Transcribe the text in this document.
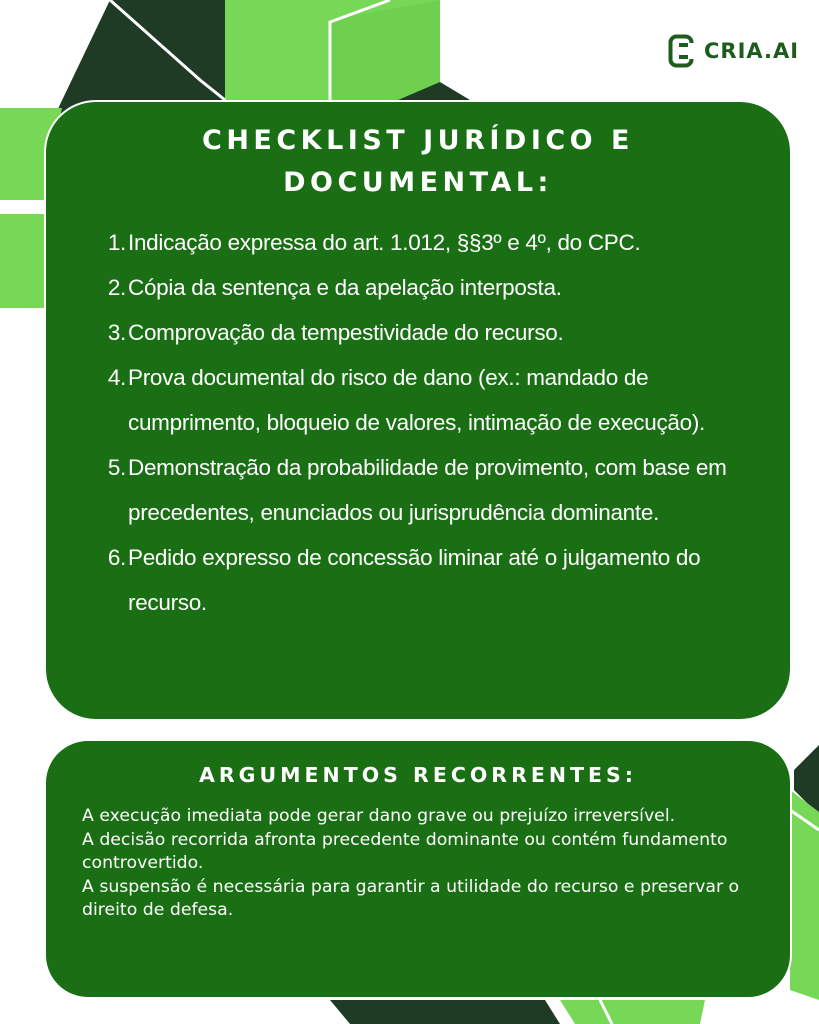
CRIA.AI
CHECKLIST JURÍDICO E
DOCUMENTAL:
1. Indicação expressa do art. 1.012, §§3º e 4º, do CPC.
2. Cópia da sentença e da apelação interposta.
3. Comprovação da tempestividade do recurso.
4. Prova documental do risco de dano (ex.: mandado de cumprimento, bloqueio de valores, intimação de execução).
5. Demonstração da probabilidade de provimento, com base em precedentes, enunciados ou jurisprudência dominante.
6. Pedido expresso de concessão liminar até o julgamento do recurso.
ARGUMENTOS RECORRENTES:

A execução imediata pode gerar dano grave ou prejuízo irreversível.

A decisão recorrida afronta precedente dominante ou contém fundamento controvertido.

A suspensão é necessária para garantir a utilidade do recurso e preservar o direito de defesa.
